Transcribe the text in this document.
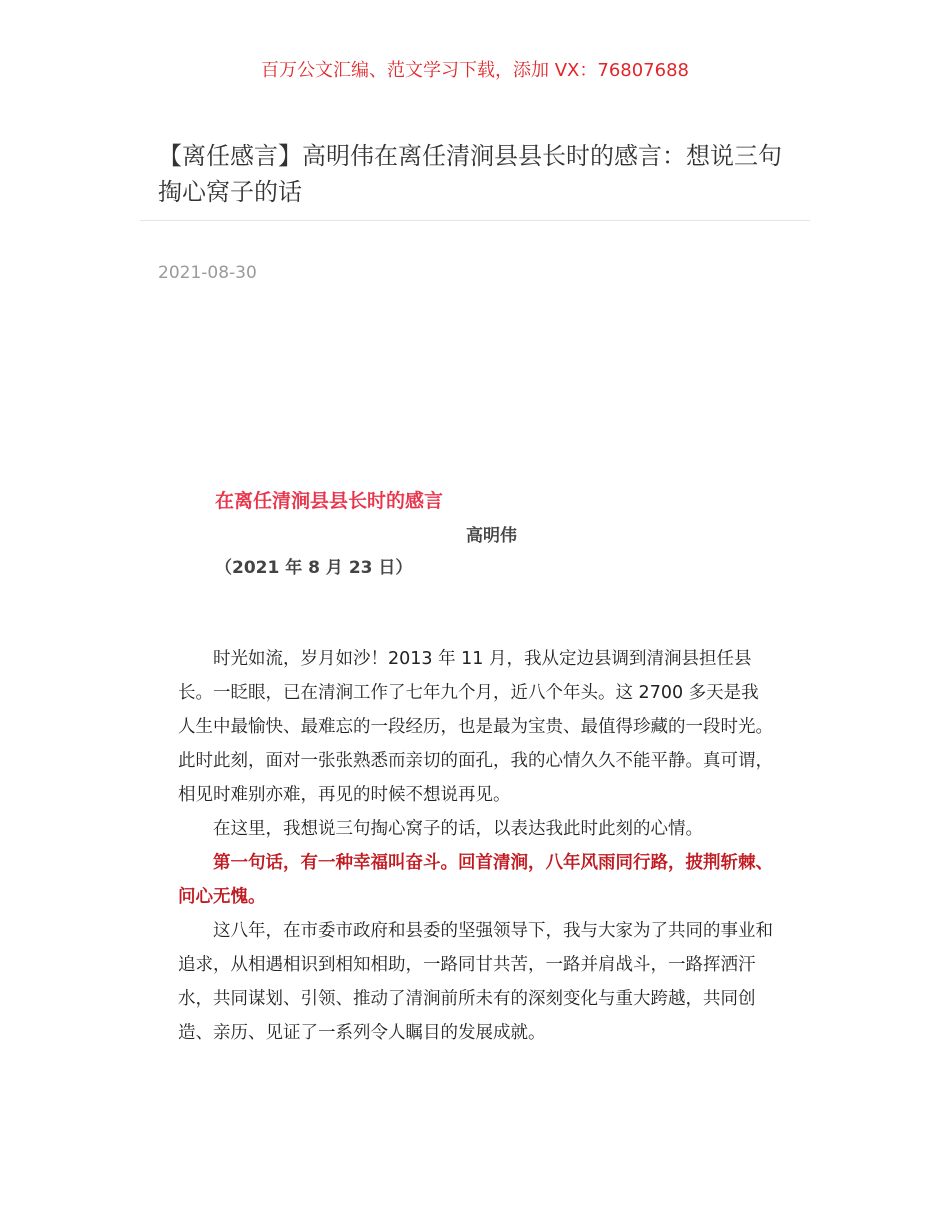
百万公文汇编、范文学习下载，添加 VX：76807688
【离任感言】高明伟在离任清涧县县长时的感言：想说三句掏心窝子的话
2021-08-30
在离任清涧县县长时的感言
高明伟
（2021 年 8 月 23 日）

时光如流，岁月如沙！2013 年 11 月，我从定边县调到清涧县担任县长。一眨眼，已在清涧工作了七年九个月，近八个年头。这 2700 多天是我人生中最愉快、最难忘的一段经历，也是最为宝贵、最值得珍藏的一段时光。此时此刻，面对一张张熟悉而亲切的面孔，我的心情久久不能平静。真可谓，相见时难别亦难，再见的时候不想说再见。

在这里，我想说三句掏心窝子的话，以表达我此时此刻的心情。

第一句话，有一种幸福叫奋斗。回首清涧，八年风雨同行路，披荆斩棘、问心无愧。

这八年，在市委市政府和县委的坚强领导下，我与大家为了共同的事业和追求，从相遇相识到相知相助，一路同甘共苦，一路并肩战斗，一路挥洒汗水，共同谋划、引领、推动了清涧前所未有的深刻变化与重大跨越，共同创造、亲历、见证了一系列令人瞩目的发展成就。
